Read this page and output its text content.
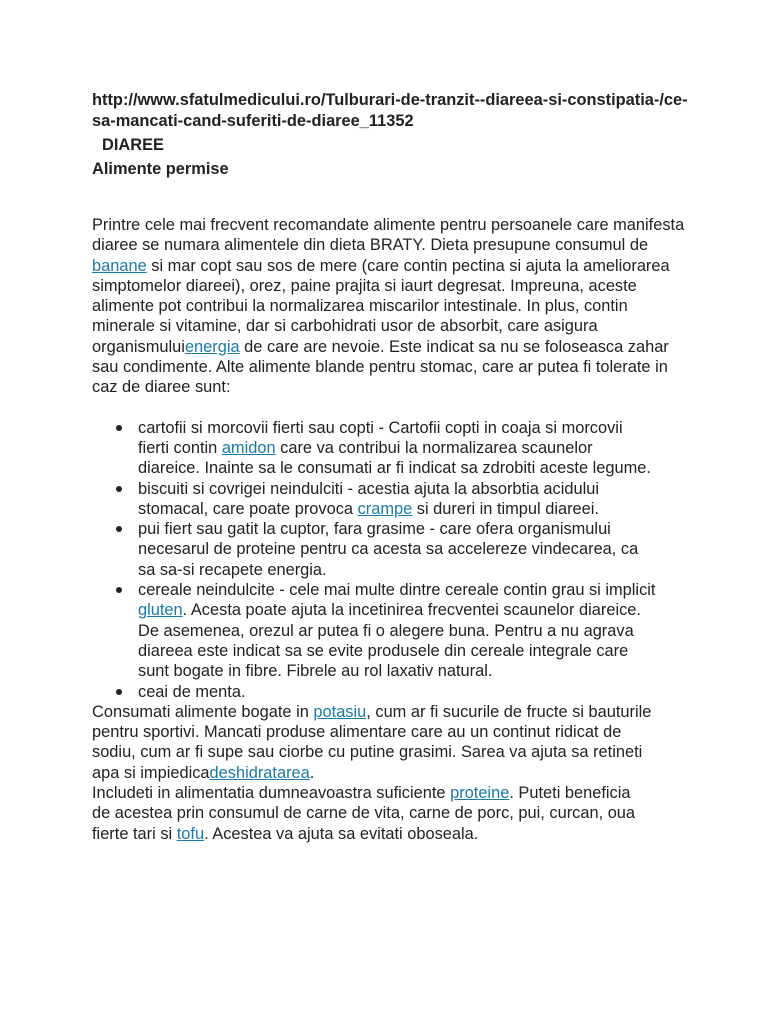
http://www.sfatulmedicului.ro/Tulburari-de-tranzit--diareea-si-constipatia-/ce-sa-mancati-cand-suferiti-de-diaree_11352

DIAREE
Alimente permise

Printre cele mai frecvent recomandate alimente pentru persoanele care manifesta diaree se numara alimentele din dieta BRATY. Dieta presupune consumul de banane si mar copt sau sos de mere (care contin pectina si ajuta la ameliorarea simptomelor diareei), orez, paine prajita si iaurt degresat. Impreuna, aceste alimente pot contribui la normalizarea miscarilor intestinale. In plus, contin minerale si vitamine, dar si carbohidrati usor de absorbit, care asigura organismuluienergia de care are nevoie. Este indicat sa nu se foloseasca zahar sau condimente. Alte alimente blande pentru stomac, care ar putea fi tolerate in caz de diaree sunt:

cartofii si morcovii fierti sau copti - Cartofii copti in coaja si morcovii fierti contin amidon care va contribui la normalizarea scaunelor diareice. Inainte sa le consumati ar fi indicat sa zdrobiti aceste legume.
biscuiti si covrigei neindulciti - acestia ajuta la absorbtia acidului stomacal, care poate provoca crampe si dureri in timpul diareei.
pui fiert sau gatit la cuptor, fara grasime - care ofera organismului necesarul de proteine pentru ca acesta sa accelereze vindecarea, ca sa sa-si recapete energia.
cereale neindulcite - cele mai multe dintre cereale contin grau si implicit gluten. Acesta poate ajuta la incetinirea frecventei scaunelor diareice. De asemenea, orezul ar putea fi o alegere buna. Pentru a nu agrava diareea este indicat sa se evite produsele din cereale integrale care sunt bogate in fibre. Fibrele au rol laxativ natural.
ceai de menta.

Consumati alimente bogate in potasiu, cum ar fi sucurile de fructe si bauturile pentru sportivi. Mancati produse alimentare care au un continut ridicat de sodiu, cum ar fi supe sau ciorbe cu putine grasimi. Sarea va ajuta sa retineti apa si impiedicadeshidratarea.

Includeti in alimentatia dumneavoastra suficiente proteine. Puteti beneficia de acestea prin consumul de carne de vita, carne de porc, pui, curcan, oua fierte tari si tofu. Acestea va ajuta sa evitati oboseala.
